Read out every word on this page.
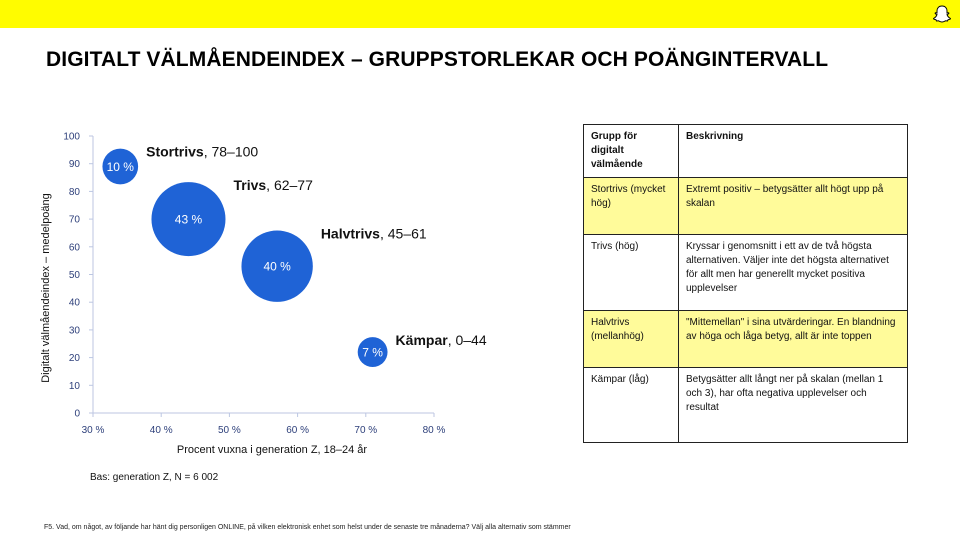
DIGITALT VÄLMÅENDEINDEX – GRUPPSTORLEKAR OCH POÄNGINTERVALL
0
10
20
30
40
50
60
70
80
90
100
30 %	40 %	50 %	60 %	70 %	80 %
10 %
Stortrivs, 78–100
43 %
Trivs, 62–77
40 %
Halvtrivs, 45–61
7 %
Kämpar, 0–44
Digitalt välmåendeindex – medelpoäng
Procent vuxna i generation Z, 18–24 år
Bas: generation Z, N = 6 002
Grupp för digitalt välmående	Beskrivning
Stortrivs (mycket hög)	Extremt positiv – betygsätter allt högt upp på skalan
Trivs (hög)	Kryssar i genomsnitt i ett av de två högsta alternativen. Väljer inte det högsta alternativet för allt men har generellt mycket positiva upplevelser
Halvtrivs (mellanhög)	"Mittemellan" i sina utvärderingar. En blandning av höga och låga betyg, allt är inte toppen
Kämpar (låg)	Betygsätter allt långt ner på skalan (mellan 1 och 3), har ofta negativa upplevelser och resultat
F5. Vad, om något, av följande har hänt dig personligen ONLINE, på vilken elektronisk enhet som helst under de senaste tre månaderna? Välj alla alternativ som stämmer
